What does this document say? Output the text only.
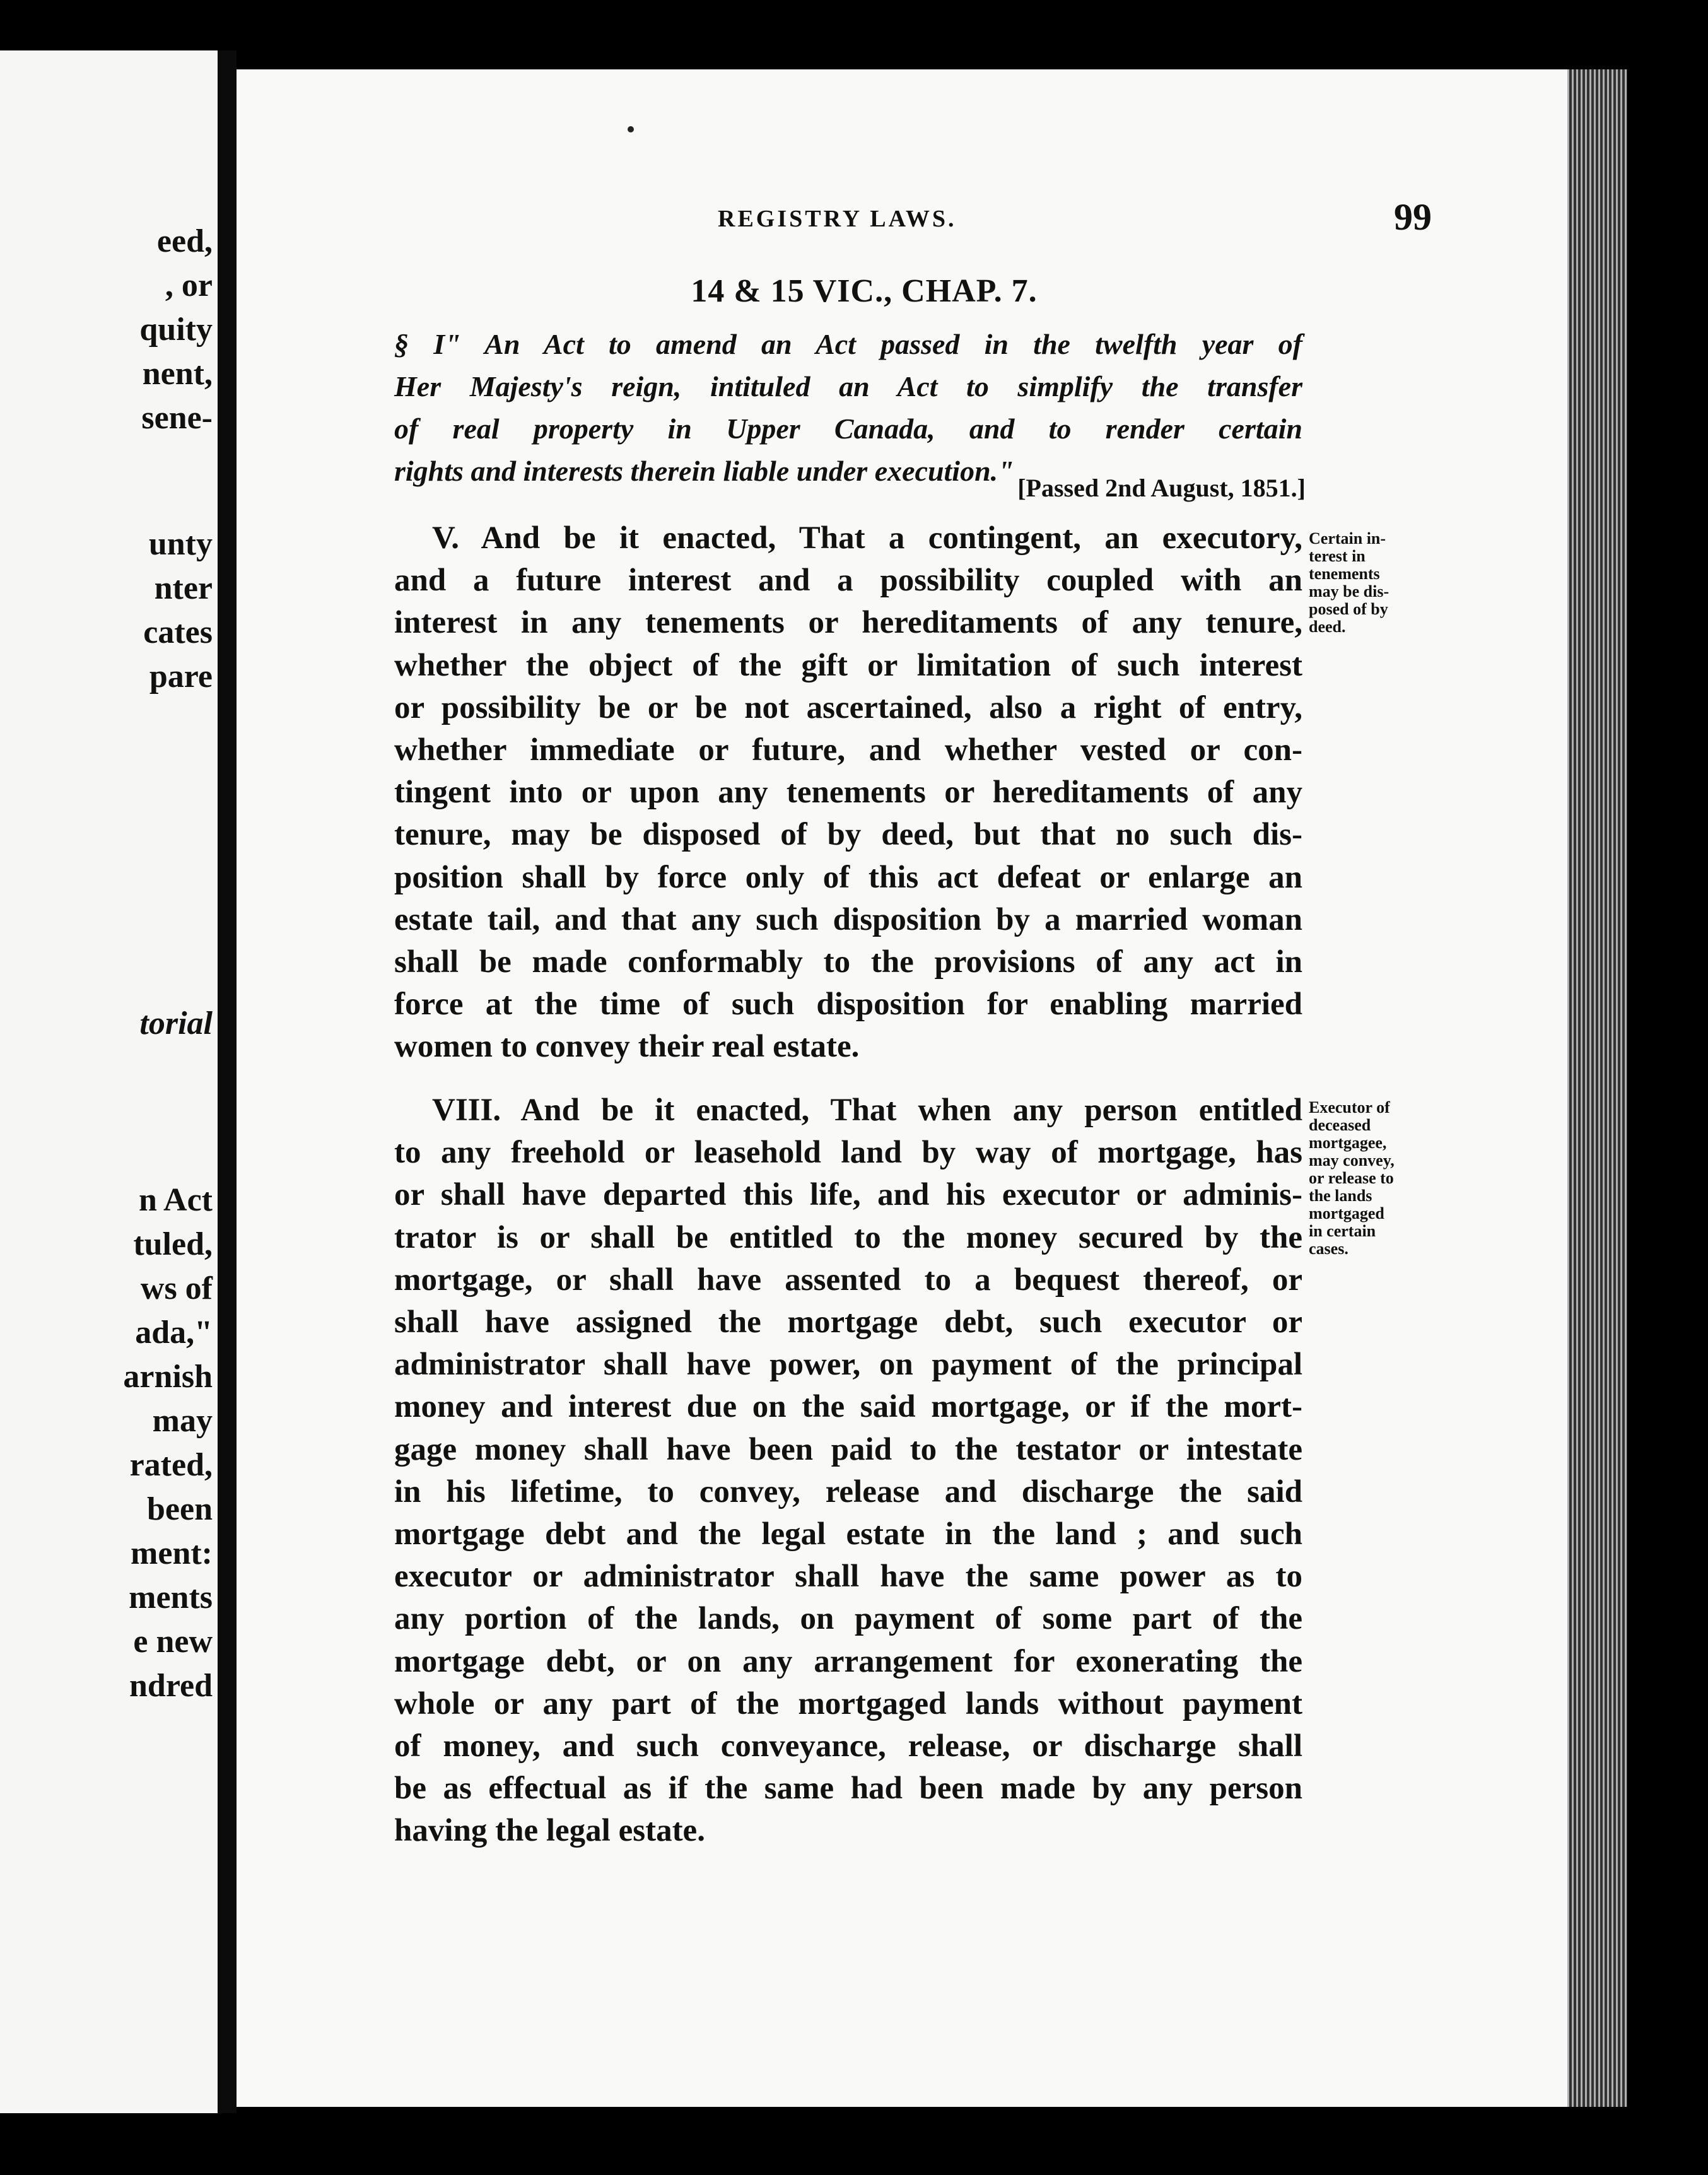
eed,
, or
quity
nent,
sene-
unty
nter
cates
pare
torial
n Act
tuled,
ws of
ada,"
arnish
may
rated,
been
ment:
ments
e new
ndred
REGISTRY LAWS.	99
14 & 15 VIC., CHAP. 7.
§ I" An Act to amend an Act passed in the twelfth year of
Her Majesty's reign, intituled an Act to simplify the transfer
of real property in Upper Canada, and to render certain
rights and interests therein liable under execution."
[Passed 2nd August, 1851.]
V. And be it enacted, That a contingent, an executory,
and a future interest and a possibility coupled with an
interest in any tenements or hereditaments of any tenure,
whether the object of the gift or limitation of such interest
or possibility be or be not ascertained, also a right of entry,
whether immediate or future, and whether vested or con-
tingent into or upon any tenements or hereditaments of any
tenure, may be disposed of by deed, but that no such dis-
position shall by force only of this act defeat or enlarge an
estate tail, and that any such disposition by a married woman
shall be made conformably to the provisions of any act in
force at the time of such disposition for enabling married
women to convey their real estate.
Certain in-
terest in
tenements
may be dis-
posed of by
deed.
VIII. And be it enacted, That when any person entitled
to any freehold or leasehold land by way of mortgage, has
or shall have departed this life, and his executor or adminis-
trator is or shall be entitled to the money secured by the
mortgage, or shall have assented to a bequest thereof, or
shall have assigned the mortgage debt, such executor or
administrator shall have power, on payment of the principal
money and interest due on the said mortgage, or if the mort-
gage money shall have been paid to the testator or intestate
in his lifetime, to convey, release and discharge the said
mortgage debt and the legal estate in the land ; and such
executor or administrator shall have the same power as to
any portion of the lands, on payment of some part of the
mortgage debt, or on any arrangement for exonerating the
whole or any part of the mortgaged lands without payment
of money, and such conveyance, release, or discharge shall
be as effectual as if the same had been made by any person
having the legal estate.
Executor of
deceased
mortgagee,
may convey,
or release to
the lands
mortgaged
in certain
cases.
